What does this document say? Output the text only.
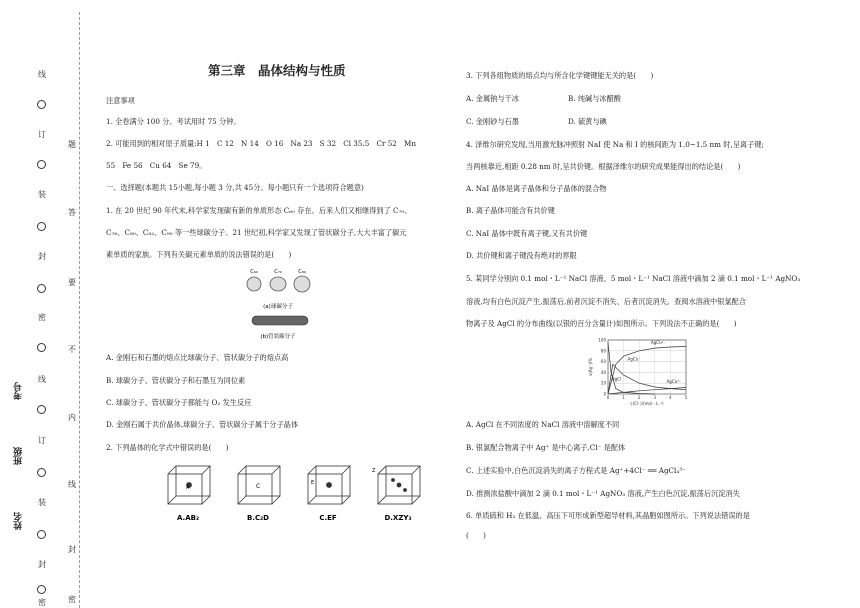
线
订
装
封
密
线
订
装
封
密
题
答
要
不
内
线
封
密
考号
班级
姓名
第三章　晶体结构与性质
注意事项
1. 全卷满分 100 分。考试用时 75 分钟。
2. 可能用到的相对原子质量:H 1　C 12　N 14　O 16　Na 23　S 32　Cl 35.5　Cr 52　Mn
55　Fe 56　Cu 64　Se 79。
一、选择题(本题共 15小题,每小题 3 分,共 45分。每小题只有一个选项符合题意)
1. 在 20 世纪 90 年代末,科学家发现碳有新的单质形态 C₆₀ 存在。后来人们又相继得到了 C₇₀、
C₇₆、C₈₀、C₈₂、C₉₀ 等一些球碳分子。21 世纪初,科学家又发现了管状碳分子,大大丰富了碳元
素单质的家族。下列有关碳元素单质的说法错误的是(　　)
C₆₀	C₇₀	C₈₀
(a)球碳分子
(b)管状碳分子
A. 金刚石和石墨的熔点比球碳分子、管状碳分子的熔点高
B. 球碳分子、管状碳分子和石墨互为同位素
C. 球碳分子、管状碳分子都能与 O₂ 发生反应
D. 金刚石属于共价晶体,球碳分子、管状碳分子属于分子晶体
2. 下列晶体的化学式中错误的是(　　)
A
A.AB₂
C
B.C₂D
E
C.EF
Z
D.XZY₃
3. 下列各组物质的熔点均与所含化学键键能无关的是(　　)
A. 金属钠与干冰	B. 纯碱与冰醋酸
C. 金刚砂与石墨	D. 硫黄与碘
4. 泽维尔研究发现,当用激光脉冲照射 NaI 使 Na 和 I 的核间距为 1.0~1.5 nm 时,呈离子键;
当两核靠近,相距 0.28 nm 时,呈共价键。根据泽维尔的研究成果能得出的结论是(　　)
A. NaI 晶体是离子晶体和分子晶体的混合物
B. 离子晶体可能含有共价键
C. NaI 晶体中既有离子键,又有共价键
D. 共价键和离子键没有绝对的界限
5. 某同学分别向 0.1 mol・L⁻¹ NaCl 溶液、5 mol・L⁻¹ NaCl 溶液中滴加 2 滴 0.1 mol・L⁻¹ AgNO₃
溶液,均有白色沉淀产生,振荡后,前者沉淀不消失、后者沉淀消失。查阅水溶液中银氯配合
物离子及 AgCl 的分布曲线(以银的百分含量计)如图所示。下列说法不正确的是(　　)
0
20
40
60
80
100
0	1	2	3	4	5
x(Ag⁺)/%
c(Cl⁻)/(mol・L⁻¹)
AgCl₃²⁻
AgCl₂⁻
AgCl₄³⁻
AgCl
A. AgCl 在不同浓度的 NaCl 溶液中溶解度不同
B. 银氯配合物离子中 Ag⁺ 是中心离子,Cl⁻ 是配体
C. 上述实验中,白色沉淀消失的离子方程式是 Ag⁺+4Cl⁻ ══ AgCl₄³⁻
D. 推测浓盐酸中滴加 2 滴 0.1 mol・L⁻¹ AgNO₃ 溶液,产生白色沉淀,振荡后沉淀消失
6. 单质硫和 H₂ 在低温、高压下可形成新型超导材料,其晶胞如图所示。下列说法错误的是
(　　)
